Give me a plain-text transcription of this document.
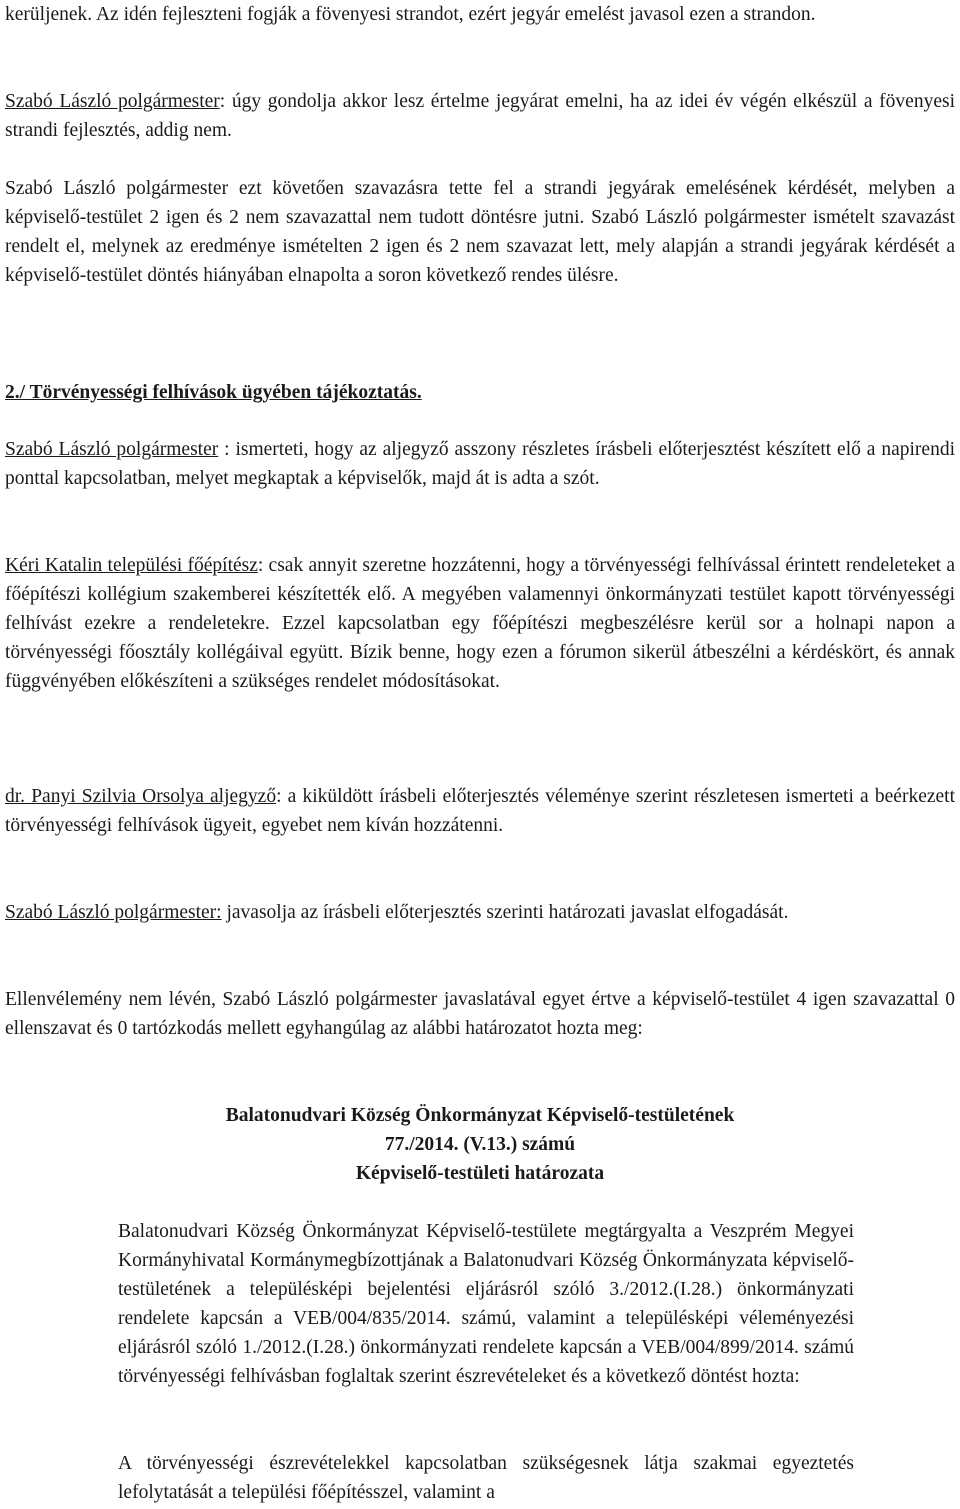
kerüljenek. Az idén fejleszteni fogják a fövenyesi strandot, ezért jegyár emelést javasol ezen a strandon.

Szabó László polgármester: úgy gondolja akkor lesz értelme jegyárat emelni, ha az idei év végén elkészül a fövenyesi strandi fejlesztés, addig nem.

Szabó László polgármester ezt követően szavazásra tette fel a strandi jegyárak emelésének kérdését, melyben a képviselő-testület 2 igen és 2 nem szavazattal nem tudott döntésre jutni. Szabó László polgármester ismételt szavazást rendelt el, melynek az eredménye ismételten 2 igen és 2 nem szavazat lett, mely alapján a strandi jegyárak kérdését a képviselő-testület döntés hiányában elnapolta a soron következő rendes ülésre.

2./ Törvényességi felhívások ügyében tájékoztatás.

Szabó László polgármester : ismerteti, hogy az aljegyző asszony részletes írásbeli előterjesztést készített elő a napirendi ponttal kapcsolatban, melyet megkaptak a képviselők, majd át is adta a szót.

Kéri Katalin települési főépítész: csak annyit szeretne hozzátenni, hogy a törvényességi felhívással érintett rendeleteket a főépítészi kollégium szakemberei készítették elő. A megyében valamennyi önkormányzati testület kapott törvényességi felhívást ezekre a rendeletekre. Ezzel kapcsolatban egy főépítészi megbeszélésre kerül sor a holnapi napon a törvényességi főosztály kollégáival együtt. Bízik benne, hogy ezen a fórumon sikerül átbeszélni a kérdéskört, és annak függvényében előkészíteni a szükséges rendelet módosításokat.

dr. Panyi Szilvia Orsolya aljegyző: a kiküldött írásbeli előterjesztés véleménye szerint részletesen ismerteti a beérkezett törvényességi felhívások ügyeit, egyebet nem kíván hozzátenni.

Szabó László polgármester: javasolja az írásbeli előterjesztés szerinti határozati javaslat elfogadását.

Ellenvélemény nem lévén, Szabó László polgármester javaslatával egyet értve a képviselő-testület 4 igen szavazattal 0 ellenszavat és 0 tartózkodás mellett egyhangúlag az alábbi határozatot hozta meg:

Balatonudvari Község Önkormányzat Képviselő-testületének

77./2014. (V.13.) számú

Képviselő-testületi határozata

Balatonudvari Község Önkormányzat Képviselő-testülete megtárgyalta a Veszprém Megyei Kormányhivatal Kormánymegbízottjának a Balatonudvari Község Önkormányzata képviselő-testületének a településképi bejelentési eljárásról szóló 3./2012.(I.28.) önkormányzati rendelete kapcsán a VEB/004/835/2014. számú, valamint a településképi véleményezési eljárásról szóló 1./2012.(I.28.) önkormányzati rendelete kapcsán a VEB/004/899/2014. számú törvényességi felhívásban foglaltak szerint észrevételeket és a következő döntést hozta:

A törvényességi észrevételekkel kapcsolatban szükségesnek látja szakmai egyeztetés lefolytatását a települési főépítésszel, valamint a
